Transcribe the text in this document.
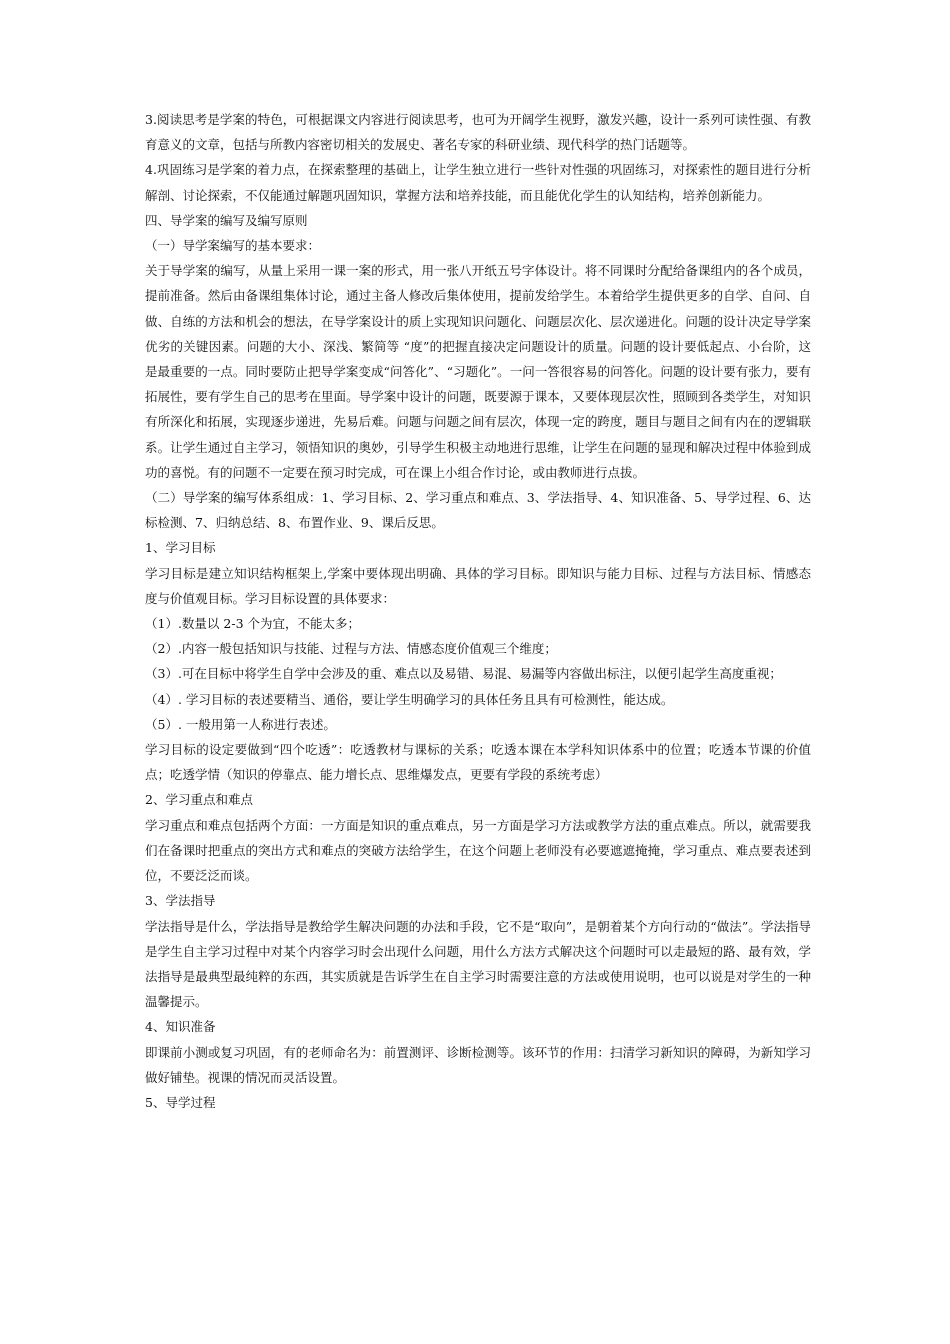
3.阅读思考是学案的特色，可根据课文内容进行阅读思考，也可为开阔学生视野，激发兴趣，设计一系列可读性强、有教育意义的文章，包括与所教内容密切相关的发展史、著名专家的科研业绩、现代科学的热门话题等。

4.巩固练习是学案的着力点，在探索整理的基础上，让学生独立进行一些针对性强的巩固练习，对探索性的题目进行分析解剖、讨论探索，不仅能通过解题巩固知识，掌握方法和培养技能，而且能优化学生的认知结构，培养创新能力。

四、导学案的编写及编写原则

（一）导学案编写的基本要求：

关于导学案的编写，从量上采用一课一案的形式，用一张八开纸五号字体设计。将不同课时分配给备课组内的各个成员，提前准备。然后由备课组集体讨论，通过主备人修改后集体使用，提前发给学生。本着给学生提供更多的自学、自问、自做、自练的方法和机会的想法，在导学案设计的质上实现知识问题化、问题层次化、层次递进化。问题的设计决定导学案优劣的关键因素。问题的大小、深浅、繁简等 “度”的把握直接决定问题设计的质量。问题的设计要低起点、小台阶，这是最重要的一点。同时要防止把导学案变成“问答化”、“习题化”。一问一答很容易的问答化。问题的设计要有张力，要有拓展性，要有学生自己的思考在里面。导学案中设计的问题，既要源于课本，又要体现层次性，照顾到各类学生，对知识有所深化和拓展，实现逐步递进，先易后难。问题与问题之间有层次，体现一定的跨度，题目与题目之间有内在的逻辑联系。让学生通过自主学习，领悟知识的奥妙，引导学生积极主动地进行思维，让学生在问题的显现和解决过程中体验到成功的喜悦。有的问题不一定要在预习时完成，可在课上小组合作讨论，或由教师进行点拔。

（二）导学案的编写体系组成：1、学习目标、2、学习重点和难点、3、学法指导、4、知识准备、5、导学过程、6、达标检测、7、归纳总结、8、布置作业、9、课后反思。

1、学习目标

学习目标是建立知识结构框架上,学案中要体现出明确、具体的学习目标。即知识与能力目标、过程与方法目标、情感态度与价值观目标。学习目标设置的具体要求：

（1）.数量以 2-3 个为宜，不能太多；

（2）.内容一般包括知识与技能、过程与方法、情感态度价值观三个维度；

（3）.可在目标中将学生自学中会涉及的重、难点以及易错、易混、易漏等内容做出标注，以便引起学生高度重视；

（4）. 学习目标的表述要精当、通俗，要让学生明确学习的具体任务且具有可检测性，能达成。

（5）. 一般用第一人称进行表述。

学习目标的设定要做到“四个吃透”：吃透教材与课标的关系；吃透本课在本学科知识体系中的位置；吃透本节课的价值点；吃透学情（知识的停靠点、能力增长点、思维爆发点，更要有学段的系统考虑）

2、学习重点和难点

学习重点和难点包括两个方面：一方面是知识的重点难点，另一方面是学习方法或教学方法的重点难点。所以，就需要我们在备课时把重点的突出方式和难点的突破方法给学生，在这个问题上老师没有必要遮遮掩掩，学习重点、难点要表述到位，不要泛泛而谈。

3、学法指导

学法指导是什么，学法指导是教给学生解决问题的办法和手段，它不是“取向”，是朝着某个方向行动的“做法”。学法指导是学生自主学习过程中对某个内容学习时会出现什么问题，用什么方法方式解决这个问题时可以走最短的路、最有效，学法指导是最典型最纯粹的东西，其实质就是告诉学生在自主学习时需要注意的方法或使用说明，也可以说是对学生的一种温馨提示。

4、知识准备

即课前小测或复习巩固，有的老师命名为：前置测评、诊断检测等。该环节的作用：扫清学习新知识的障碍，为新知学习做好铺垫。视课的情况而灵活设置。

5、导学过程
